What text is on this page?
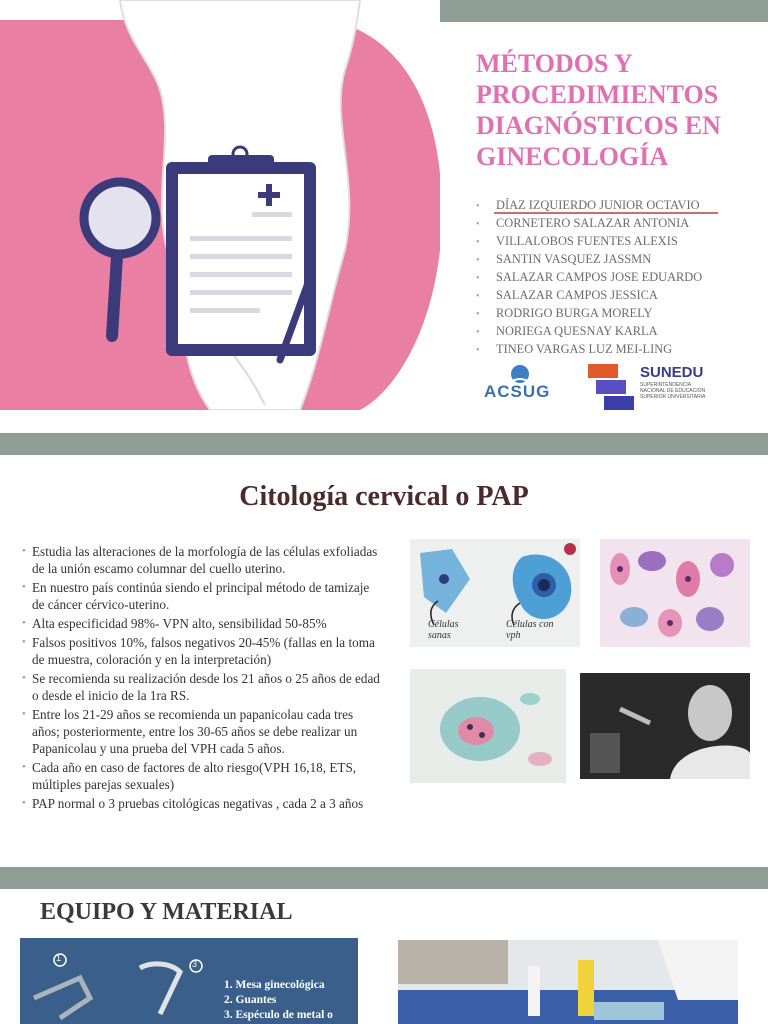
MÉTODOS Y PROCEDIMIENTOS DIAGNÓSTICOS EN GINECOLOGÍA
• DÍAZ IZQUIERDO JUNIOR OCTAVIO
• CORNETERO SALAZAR ANTONIA
• VILLALOBOS FUENTES ALEXIS
• SANTIN VASQUEZ JASSMN
• SALAZAR CAMPOS JOSE EDUARDO
• SALAZAR CAMPOS JESSICA
• RODRIGO BURGA MORELY
• NORIEGA QUESNAY KARLA
• TINEO VARGAS LUZ MEI-LING
ACSUG
SUNEDU
SUPERINTENDENCIA
NACIONAL DE EDUCACIÓN
SUPERIOR UNIVERSITARIA
Citología cervical o PAP
• Estudia las alteraciones de la morfología de las células exfoliadas de la unión escamo columnar del cuello uterino.
• En nuestro país continúa siendo el principal método de tamizaje de cáncer cérvico-uterino.
• Alta especificidad 98%- VPN alto, sensibilidad 50-85%
• Falsos positivos 10%, falsos negativos 20-45% (fallas en la toma de muestra, coloración y en la interpretación)
• Se recomienda su realización desde los 21 años o 25 años de edad o desde el inicio de la 1ra RS.
• Entre los 21-29 años se recomienda un papanicolau cada tres años; posteriormente, entre los 30-65 años se debe realizar un Papanicolau y una prueba del VPH cada 5 años.
• Cada año en caso de factores de alto riesgo(VPH 16,18, ETS, múltiples parejas sexuales)
• PAP normal o 3 pruebas citológicas negativas , cada 2 a 3 años
Células sanas
Células con vph
EQUIPO Y MATERIAL
1
3
1. Mesa ginecológica
2. Guantes
3. Espéculo de metal o
